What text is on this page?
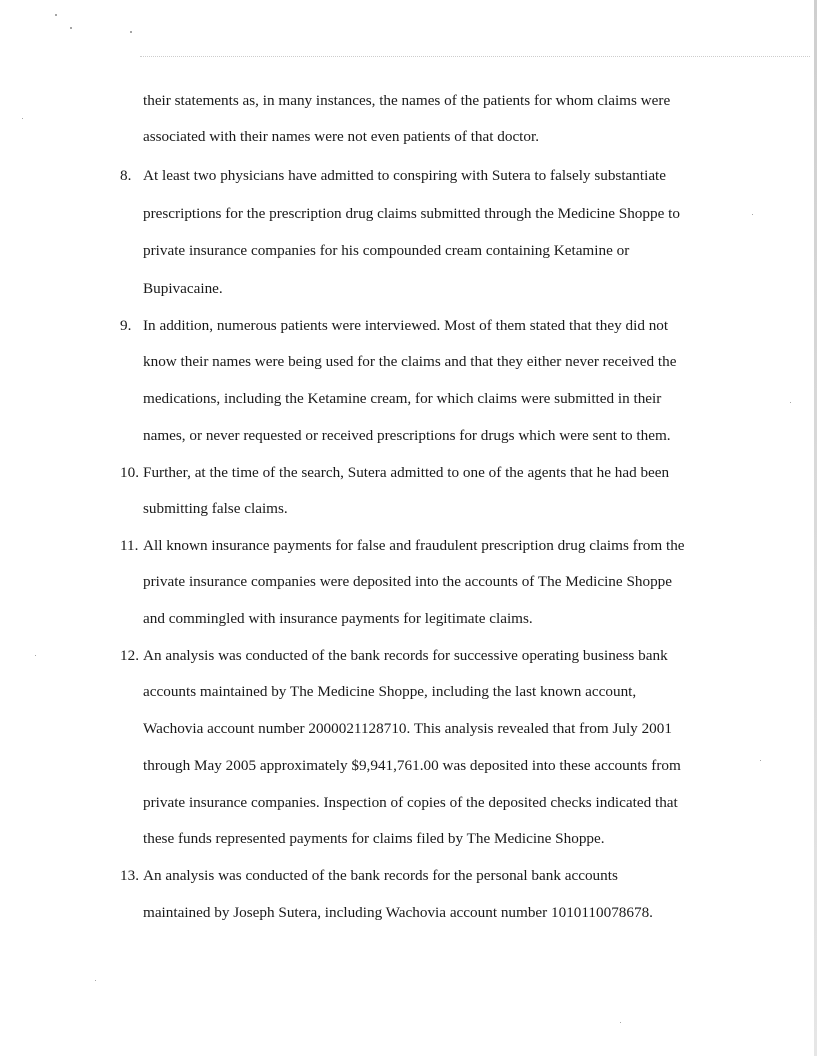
their statements as, in many instances, the names of the patients for whom claims were
associated with their names were not even patients of that doctor.
8. At least two physicians have admitted to conspiring with Sutera to falsely substantiate
prescriptions for the prescription drug claims submitted through the Medicine Shoppe to
private insurance companies for his compounded cream containing Ketamine or
Bupivacaine.
9. In addition, numerous patients were interviewed. Most of them stated that they did not
know their names were being used for the claims and that they either never received the
medications, including the Ketamine cream, for which claims were submitted in their
names, or never requested or received prescriptions for drugs which were sent to them.
10. Further, at the time of the search, Sutera admitted to one of the agents that he had been
submitting false claims.
11. All known insurance payments for false and fraudulent prescription drug claims from the
private insurance companies were deposited into the accounts of The Medicine Shoppe
and commingled with insurance payments for legitimate claims.
12. An analysis was conducted of the bank records for successive operating business bank
accounts maintained by The Medicine Shoppe, including the last known account,
Wachovia account number 2000021128710. This analysis revealed that from July 2001
through May 2005 approximately $9,941,761.00 was deposited into these accounts from
private insurance companies. Inspection of copies of the deposited checks indicated that
these funds represented payments for claims filed by The Medicine Shoppe.
13. An analysis was conducted of the bank records for the personal bank accounts
maintained by Joseph Sutera, including Wachovia account number 1010110078678.
